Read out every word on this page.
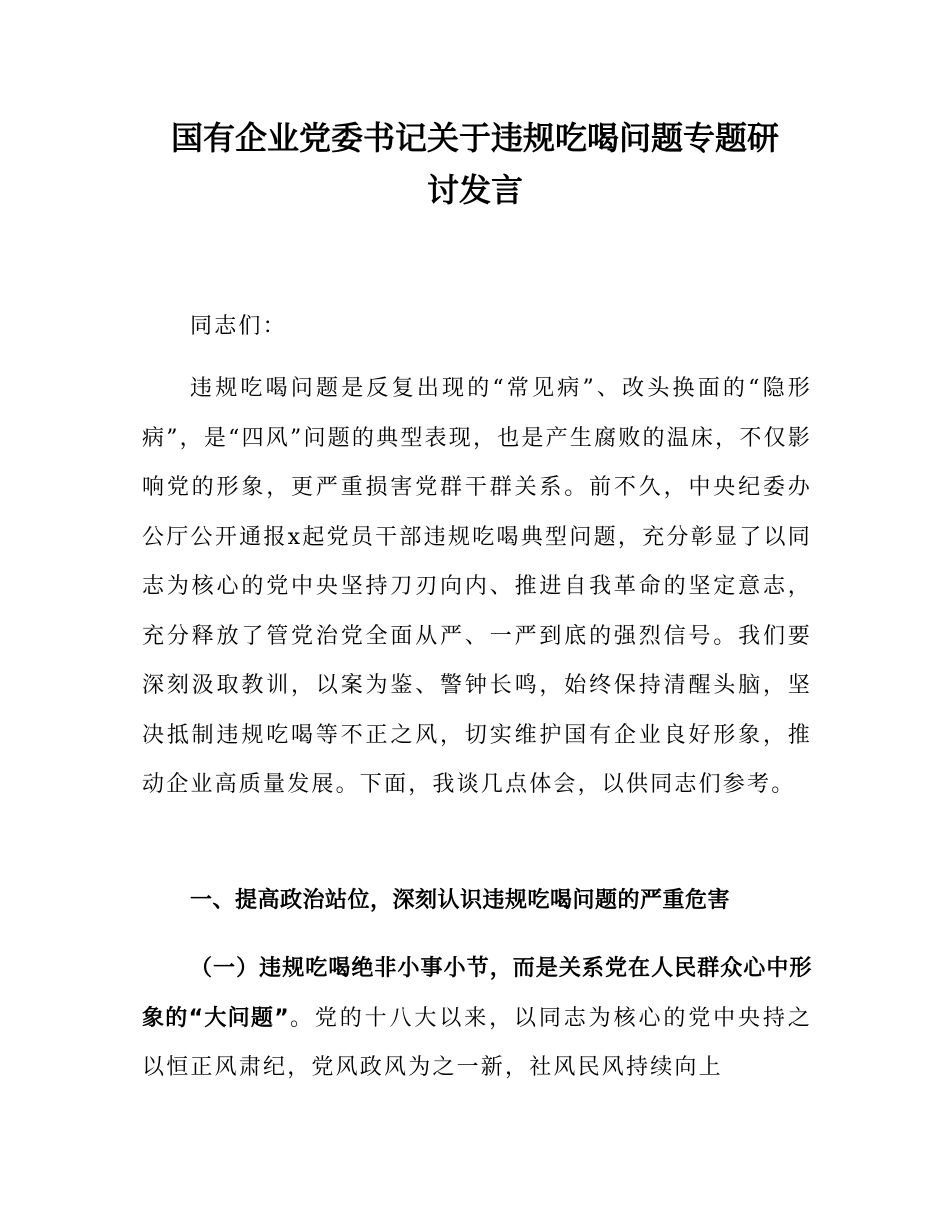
国有企业党委书记关于违规吃喝问题专题研
讨发言

同志们：

违规吃喝问题是反复出现的“常见病”、改头换面的“隐形病”，是“四风”问题的典型表现，也是产生腐败的温床，不仅影响党的形象，更严重损害党群干群关系。前不久，中央纪委办公厅公开通报x起党员干部违规吃喝典型问题，充分彰显了以同志为核心的党中央坚持刀刃向内、推进自我革命的坚定意志，充分释放了管党治党全面从严、一严到底的强烈信号。我们要深刻汲取教训，以案为鉴、警钟长鸣，始终保持清醒头脑，坚决抵制违规吃喝等不正之风，切实维护国有企业良好形象，推动企业高质量发展。下面，我谈几点体会，以供同志们参考。

一、提高政治站位，深刻认识违规吃喝问题的严重危害

（一）违规吃喝绝非小事小节，而是关系党在人民群众心中形象的“大问题”。党的十八大以来，以同志为核心的党中央持之以恒正风肃纪，党风政风为之一新，社风民风持续向上
